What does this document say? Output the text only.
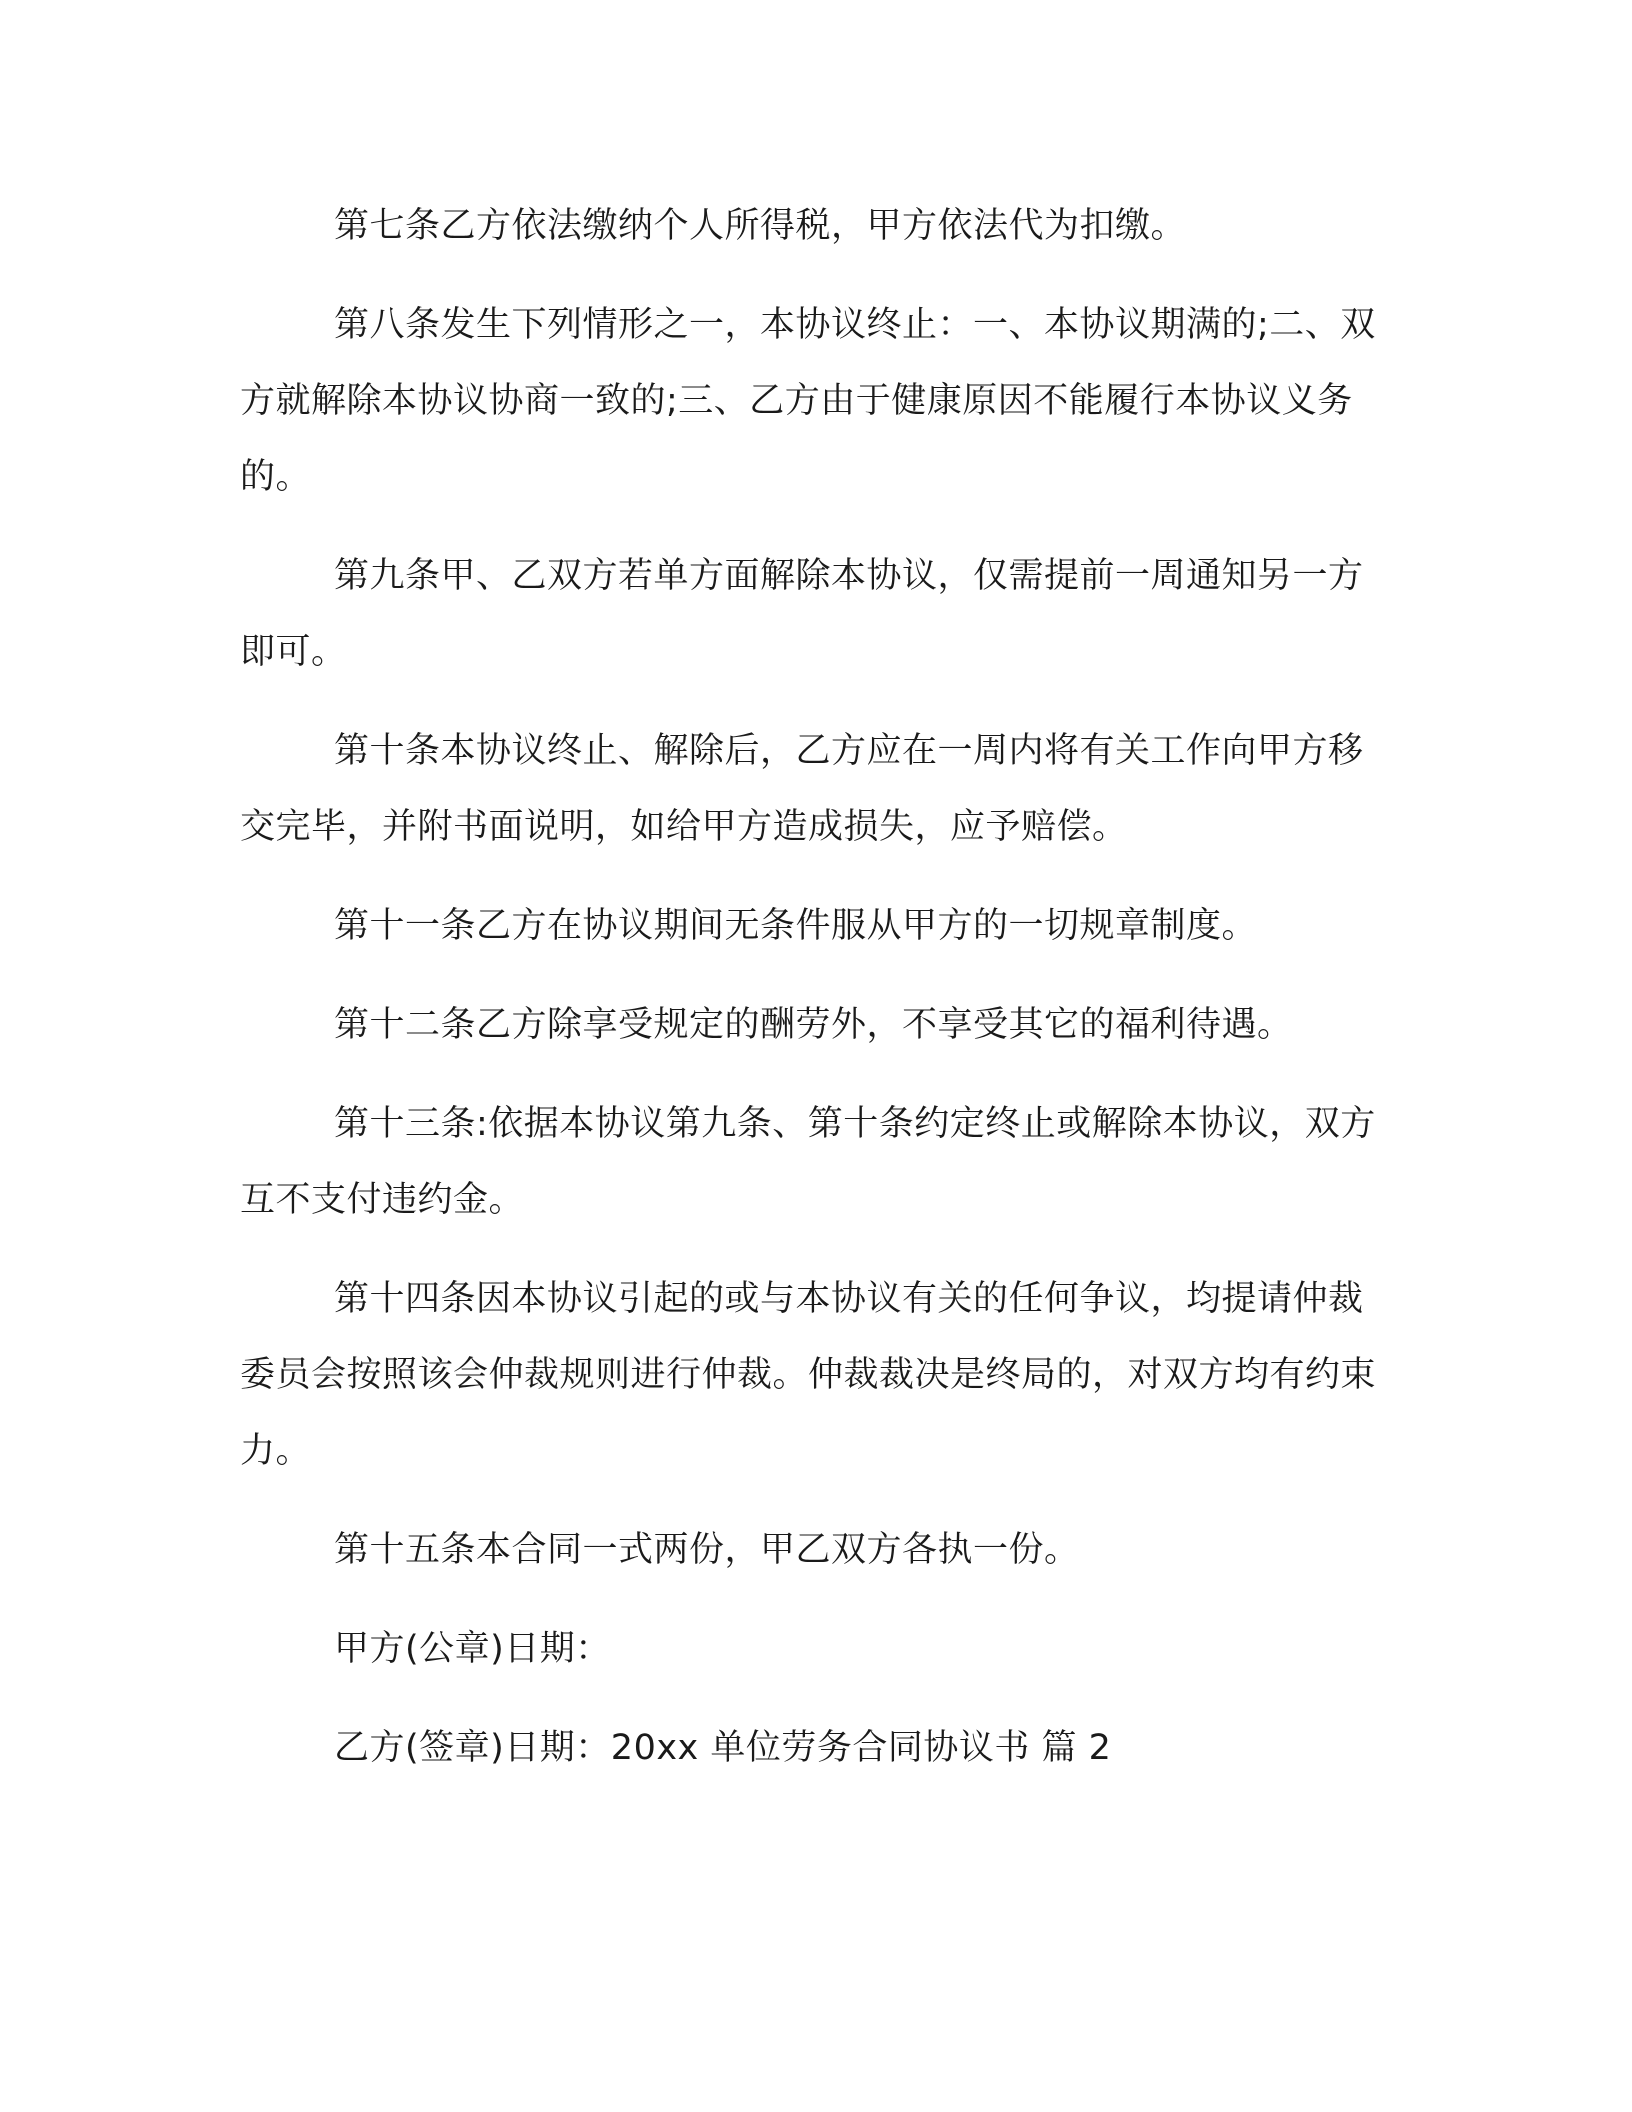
第七条乙方依法缴纳个人所得税，甲方依法代为扣缴。

第八条发生下列情形之一，本协议终止：一、本协议期满的;二、双方就解除本协议协商一致的;三、乙方由于健康原因不能履行本协议义务的。

第九条甲、乙双方若单方面解除本协议，仅需提前一周通知另一方即可。

第十条本协议终止、解除后，乙方应在一周内将有关工作向甲方移交完毕，并附书面说明，如给甲方造成损失，应予赔偿。

第十一条乙方在协议期间无条件服从甲方的一切规章制度。

第十二条乙方除享受规定的酬劳外，不享受其它的福利待遇。

第十三条:依据本协议第九条、第十条约定终止或解除本协议，双方互不支付违约金。

第十四条因本协议引起的或与本协议有关的任何争议，均提请仲裁委员会按照该会仲裁规则进行仲裁。仲裁裁决是终局的，对双方均有约束力。

第十五条本合同一式两份，甲乙双方各执一份。

甲方(公章)日期：

乙方(签章)日期：20xx 单位劳务合同协议书 篇 2
